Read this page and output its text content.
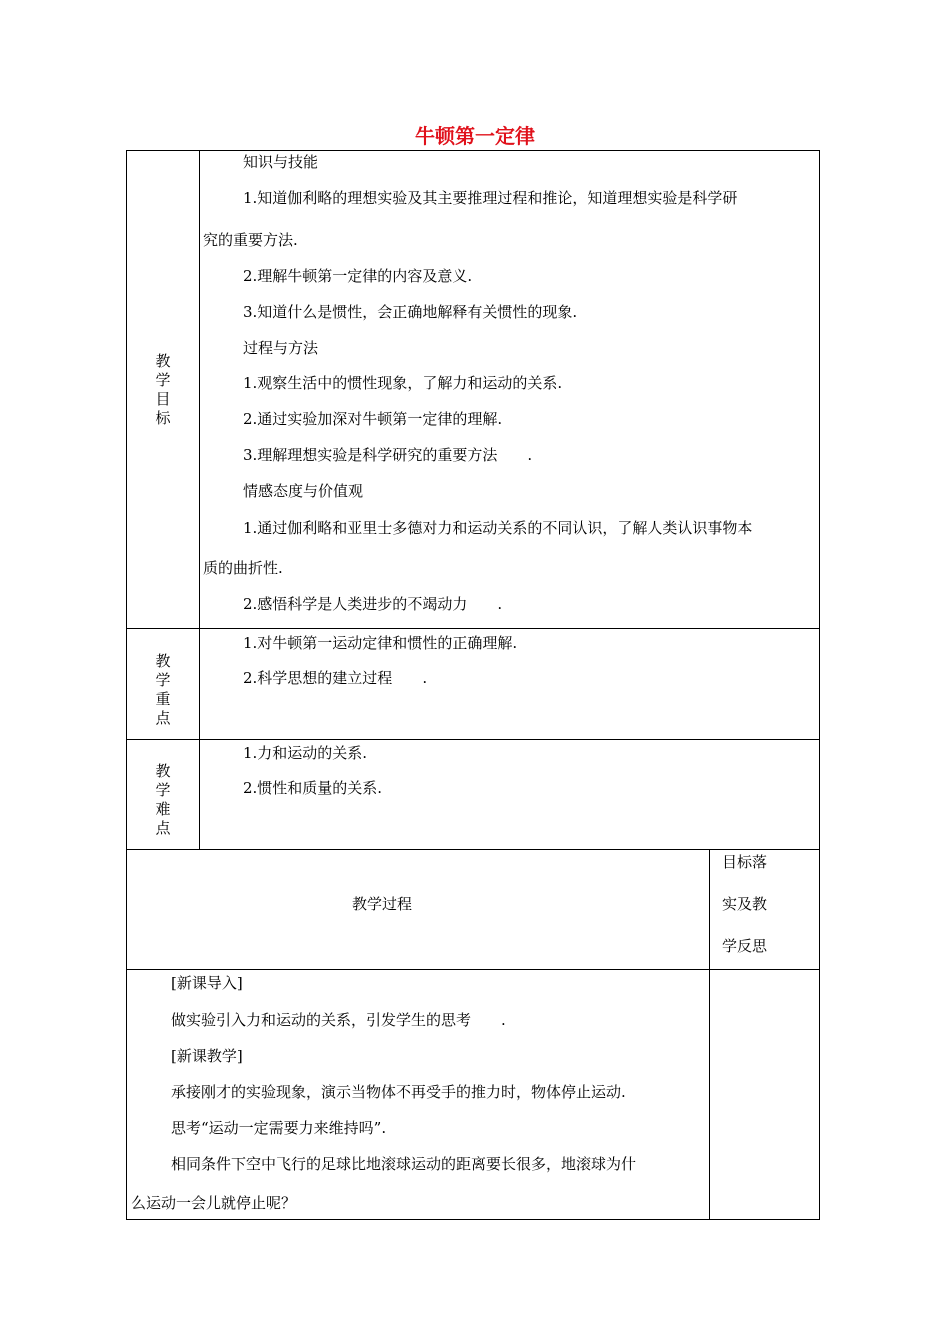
牛顿第一定律
教
学
目
标
知识与技能
1.知道伽利略的理想实验及其主要推理过程和推论，知道理想实验是科学研
究的重要方法.
2.理解牛顿第一定律的内容及意义.
3.知道什么是惯性，会正确地解释有关惯性的现象.
过程与方法
1.观察生活中的惯性现象，了解力和运动的关系.
2.通过实验加深对牛顿第一定律的理解.
3.理解理想实验是科学研究的重要方法　　.
情感态度与价值观
1.通过伽利略和亚里士多德对力和运动关系的不同认识，了解人类认识事物本
质的曲折性.
2.感悟科学是人类进步的不竭动力　　.
教
学
重
点
1.对牛顿第一运动定律和惯性的正确理解.
2.科学思想的建立过程　　.
教
学
难
点
1.力和运动的关系.
2.惯性和质量的关系.
教学过程
目标落
实及教
学反思
[新课导入]
做实验引入力和运动的关系，引发学生的思考　　.
[新课教学]
承接刚才的实验现象，演示当物体不再受手的推力时，物体停止运动.
思考“运动一定需要力来维持吗”.
相同条件下空中飞行的足球比地滚球运动的距离要长很多，地滚球为什
么运动一会儿就停止呢？
